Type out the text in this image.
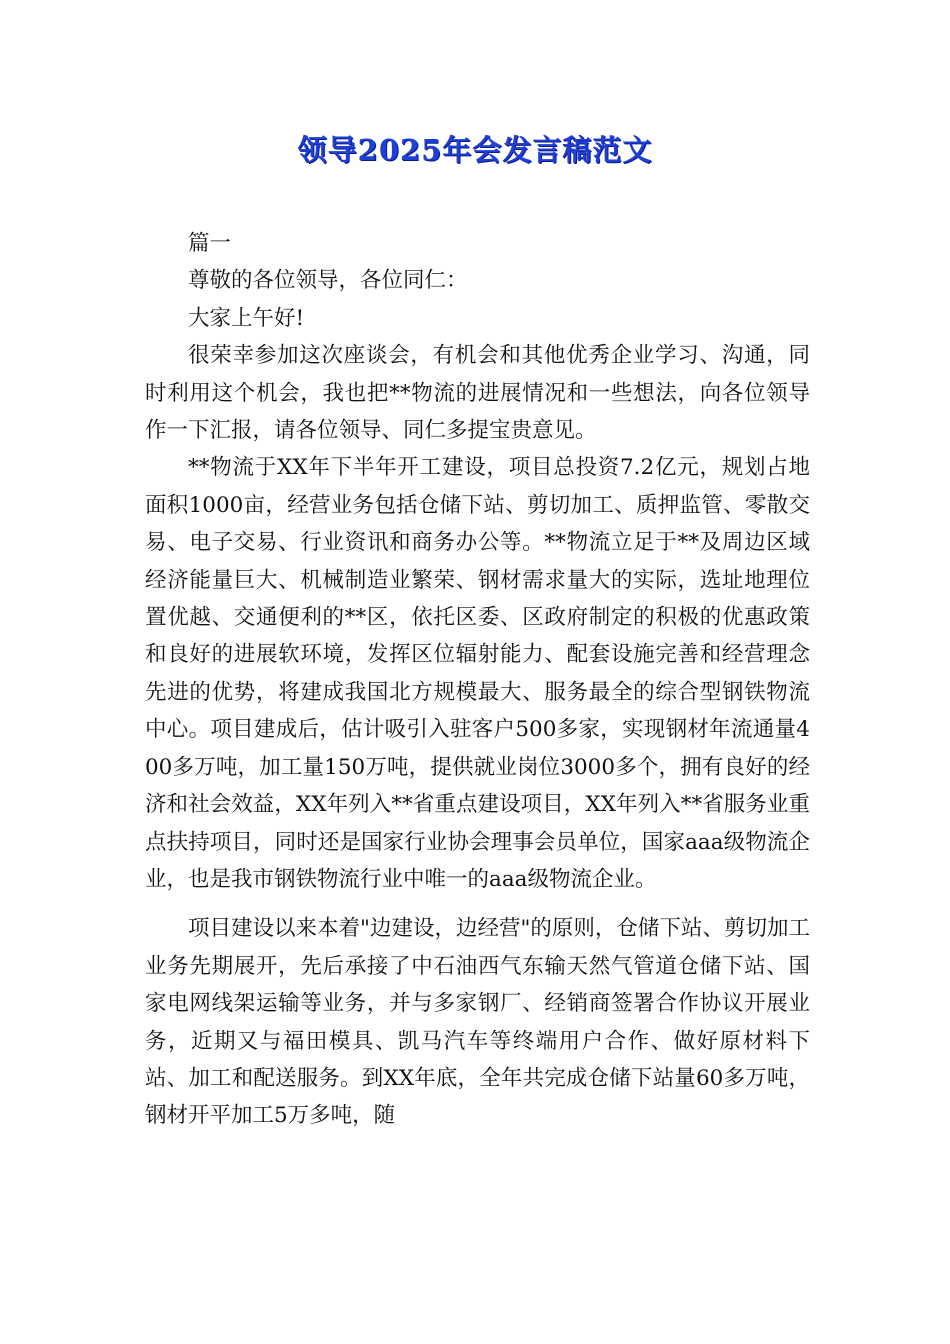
领导2025年会发言稿范文

篇一

尊敬的各位领导，各位同仁：

大家上午好!

很荣幸参加这次座谈会，有机会和其他优秀企业学习、沟通，同时利用这个机会，我也把**物流的进展情况和一些想法，向各位领导作一下汇报，请各位领导、同仁多提宝贵意见。

**物流于XX年下半年开工建设，项目总投资7.2亿元，规划占地面积1000亩，经营业务包括仓储下站、剪切加工、质押监管、零散交易、电子交易、行业资讯和商务办公等。**物流立足于**及周边区域经济能量巨大、机械制造业繁荣、钢材需求量大的实际，选址地理位置优越、交通便利的**区，依托区委、区政府制定的积极的优惠政策和良好的进展软环境，发挥区位辐射能力、配套设施完善和经营理念先进的优势，将建成我国北方规模最大、服务最全的综合型钢铁物流中心。项目建成后，估计吸引入驻客户500多家，实现钢材年流通量400多万吨，加工量150万吨，提供就业岗位3000多个，拥有良好的经济和社会效益，XX年列入**省重点建设项目，XX年列入**省服务业重点扶持项目，同时还是国家行业协会理事会员单位，国家aaa级物流企业，也是我市钢铁物流行业中唯一的aaa级物流企业。

项目建设以来本着"边建设，边经营"的原则，仓储下站、剪切加工业务先期展开，先后承接了中石油西气东输天然气管道仓储下站、国家电网线架运输等业务，并与多家钢厂、经销商签署合作协议开展业务，近期又与福田模具、凯马汽车等终端用户合作、做好原材料下站、加工和配送服务。到XX年底，全年共完成仓储下站量60多万吨，钢材开平加工5万多吨，随
